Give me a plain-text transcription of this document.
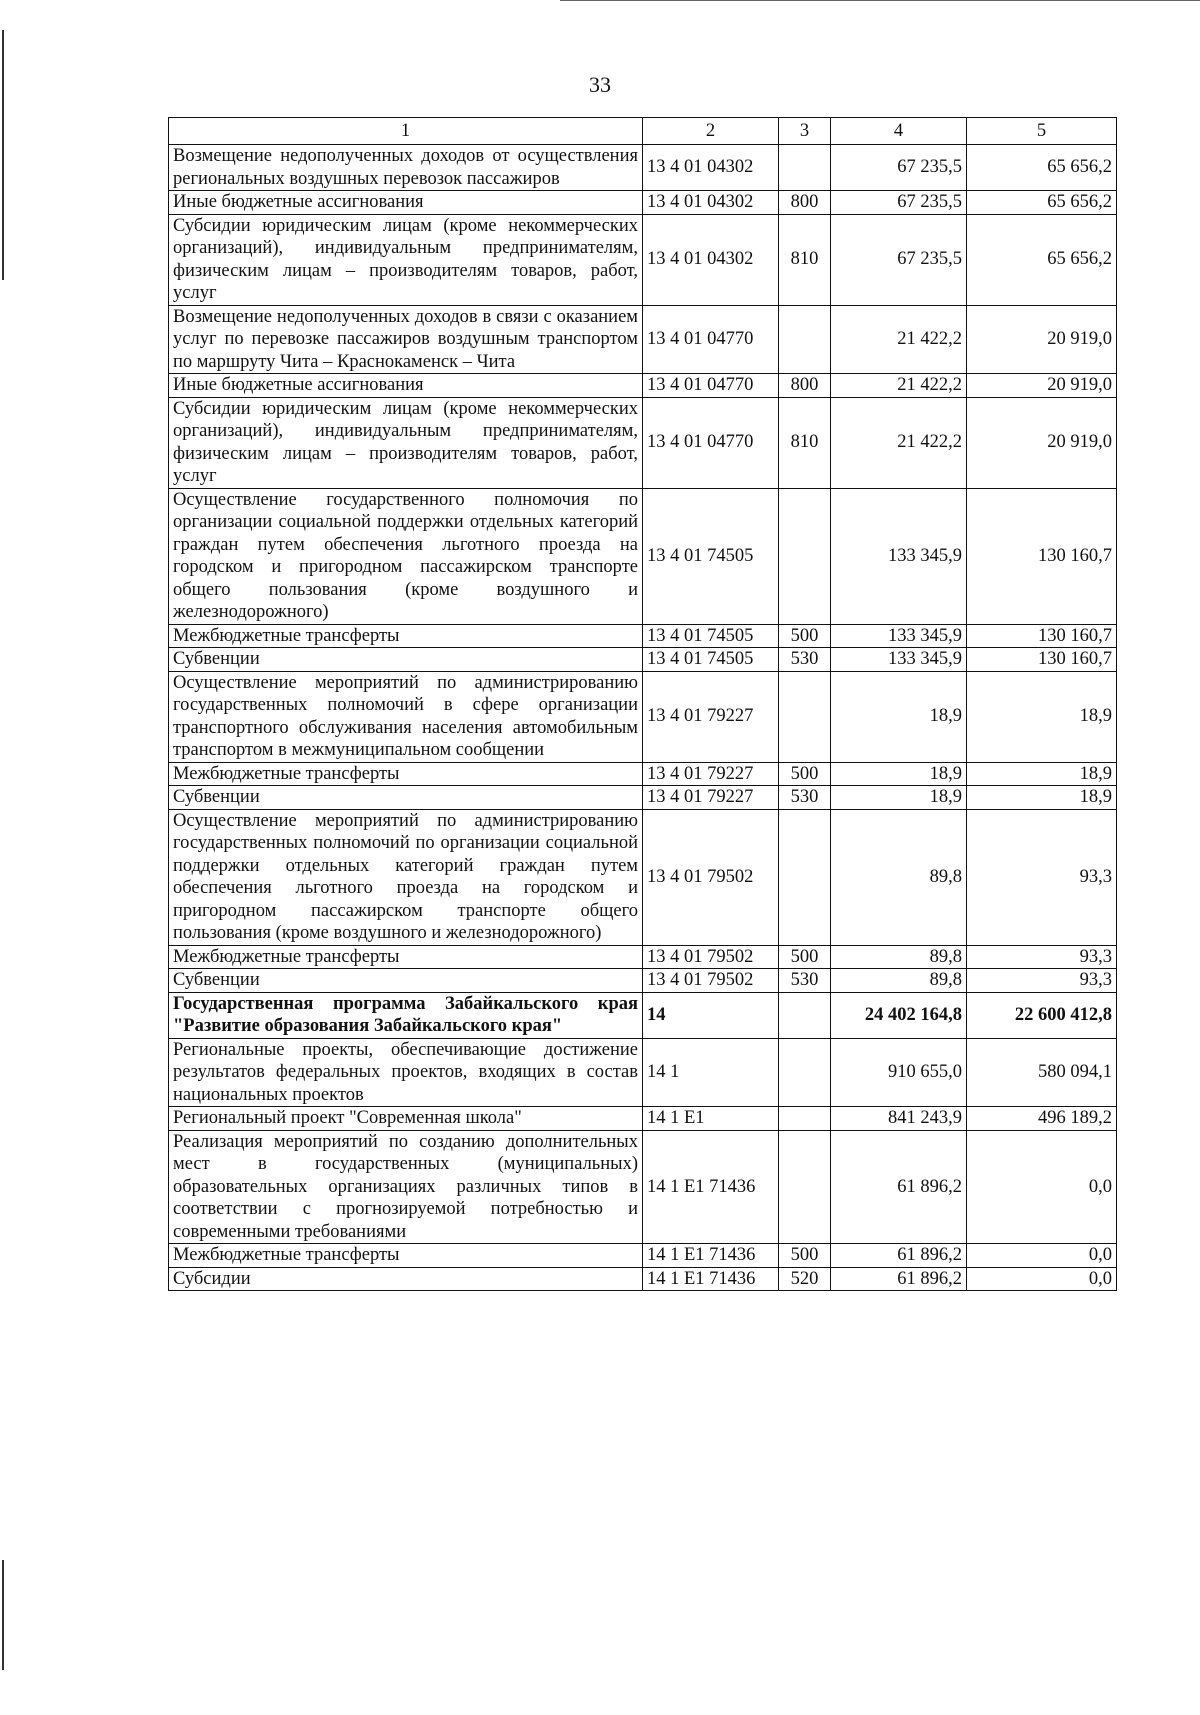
33
1	2	3	4	5
Возмещение недополученных доходов от осуществления региональных воздушных перевозок пассажиров	13 4 01 04302		67 235,5	65 656,2
Иные бюджетные ассигнования	13 4 01 04302	800	67 235,5	65 656,2
Субсидии юридическим лицам (кроме некоммерческих организаций), индивидуальным предпринимателям, физическим лицам – производителям товаров, работ, услуг	13 4 01 04302	810	67 235,5	65 656,2
Возмещение недополученных доходов в связи с оказанием услуг по перевозке пассажиров воздушным транспортом по маршруту Чита – Краснокаменск – Чита	13 4 01 04770		21 422,2	20 919,0
Иные бюджетные ассигнования	13 4 01 04770	800	21 422,2	20 919,0
Субсидии юридическим лицам (кроме некоммерческих организаций), индивидуальным предпринимателям, физическим лицам – производителям товаров, работ, услуг	13 4 01 04770	810	21 422,2	20 919,0
Осуществление государственного полномочия по организации социальной поддержки отдельных категорий граждан путем обеспечения льготного проезда на городском и пригородном пассажирском транспорте общего пользования (кроме воздушного и железнодорожного)	13 4 01 74505		133 345,9	130 160,7
Межбюджетные трансферты	13 4 01 74505	500	133 345,9	130 160,7
Субвенции	13 4 01 74505	530	133 345,9	130 160,7
Осуществление мероприятий по администрированию государственных полномочий в сфере организации транспортного обслуживания населения автомобильным транспортом в межмуниципальном сообщении	13 4 01 79227		18,9	18,9
Межбюджетные трансферты	13 4 01 79227	500	18,9	18,9
Субвенции	13 4 01 79227	530	18,9	18,9
Осуществление мероприятий по администрированию государственных полномочий по организации социальной поддержки отдельных категорий граждан путем обеспечения льготного проезда на городском и пригородном пассажирском транспорте общего пользования (кроме воздушного и железнодорожного)	13 4 01 79502		89,8	93,3
Межбюджетные трансферты	13 4 01 79502	500	89,8	93,3
Субвенции	13 4 01 79502	530	89,8	93,3
Государственная программа Забайкальского края "Развитие образования Забайкальского края"	14		24 402 164,8	22 600 412,8
Региональные проекты, обеспечивающие достижение результатов федеральных проектов, входящих в состав национальных проектов	14 1		910 655,0	580 094,1
Региональный проект "Современная школа"	14 1 E1		841 243,9	496 189,2
Реализация мероприятий по созданию дополнительных мест в государственных (муниципальных) образовательных организациях различных типов в соответствии с прогнозируемой потребностью и современными требованиями	14 1 E1 71436		61 896,2	0,0
Межбюджетные трансферты	14 1 E1 71436	500	61 896,2	0,0
Субсидии	14 1 E1 71436	520	61 896,2	0,0
